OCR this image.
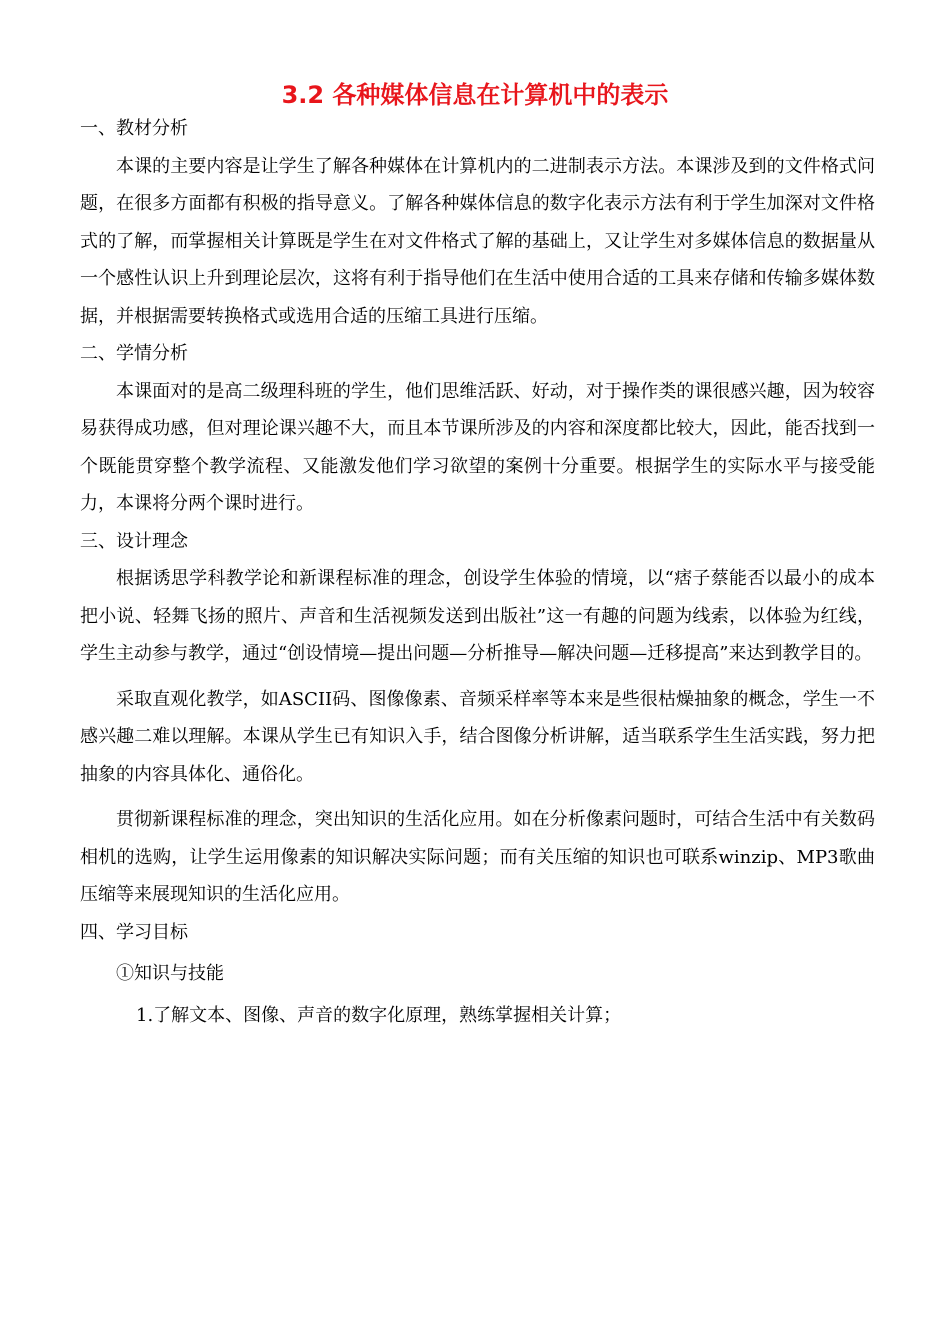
3.2 各种媒体信息在计算机中的表示

一、教材分析

本课的主要内容是让学生了解各种媒体在计算机内的二进制表示方法。本课涉及到的文件格式问题，在很多方面都有积极的指导意义。了解各种媒体信息的数字化表示方法有利于学生加深对文件格式的了解，而掌握相关计算既是学生在对文件格式了解的基础上，又让学生对多媒体信息的数据量从一个感性认识上升到理论层次，这将有利于指导他们在生活中使用合适的工具来存储和传输多媒体数据，并根据需要转换格式或选用合适的压缩工具进行压缩。

二、学情分析

本课面对的是高二级理科班的学生，他们思维活跃、好动，对于操作类的课很感兴趣，因为较容易获得成功感，但对理论课兴趣不大，而且本节课所涉及的内容和深度都比较大，因此，能否找到一个既能贯穿整个教学流程、又能激发他们学习欲望的案例十分重要。根据学生的实际水平与接受能力，本课将分两个课时进行。

三、设计理念

根据诱思学科教学论和新课程标准的理念，创设学生体验的情境，以“痞子蔡能否以最小的成本把小说、轻舞飞扬的照片、声音和生活视频发送到出版社”这一有趣的问题为线索，以体验为红线，学生主动参与教学，通过“创设情境—提出问题—分析推导—解决问题—迁移提高”来达到教学目的。

采取直观化教学，如ASCII码、图像像素、音频采样率等本来是些很枯燥抽象的概念，学生一不感兴趣二难以理解。本课从学生已有知识入手，结合图像分析讲解，适当联系学生生活实践，努力把抽象的内容具体化、通俗化。

贯彻新课程标准的理念，突出知识的生活化应用。如在分析像素问题时，可结合生活中有关数码相机的选购，让学生运用像素的知识解决实际问题；而有关压缩的知识也可联系winzip、MP3歌曲压缩等来展现知识的生活化应用。

四、学习目标

①知识与技能

1.了解文本、图像、声音的数字化原理，熟练掌握相关计算；
